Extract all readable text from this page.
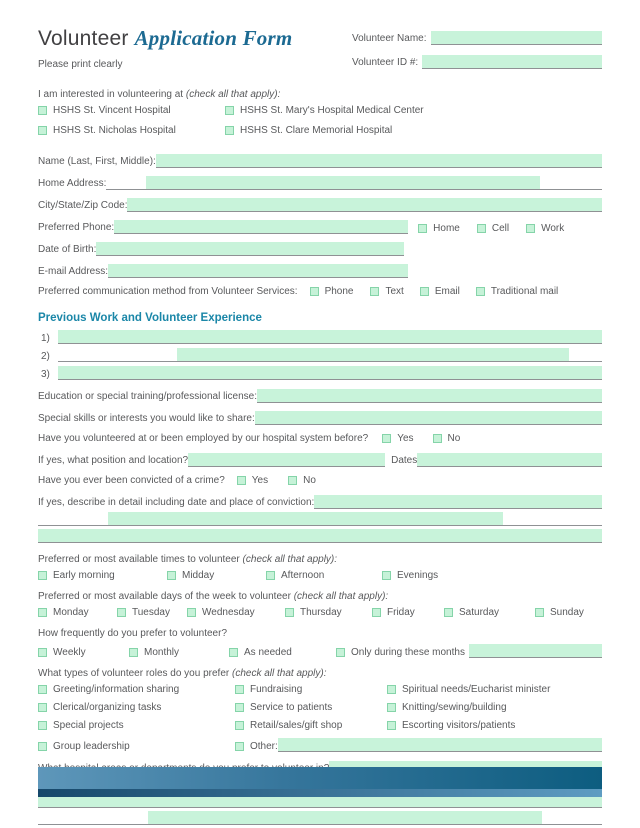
Volunteer Application Form
Please print clearly
Volunteer Name:
Volunteer ID #:
I am interested in volunteering at (check all that apply):
HSHS St. Vincent Hospital	HSHS St. Mary's Hospital Medical Center
HSHS St. Nicholas Hospital	HSHS St. Clare Memorial Hospital
Name (Last, First, Middle):
Home Address:
City/State/Zip Code:
Preferred Phone:	Home	Cell	Work
Date of Birth:
E-mail Address:
Preferred communication method from Volunteer Services:	Phone	Text	Email	Traditional mail
Previous Work and Volunteer Experience
1)
2)
3)
Education or special training/professional license:
Special skills or interests you would like to share:
Have you volunteered at or been employed by our hospital system before?	Yes	No
If yes, what position and location?	Dates
Have you ever been convicted of a crime?	Yes	No
If yes, describe in detail including date and place of conviction:
Preferred or most available times to volunteer (check all that apply):
Early morning	Midday	Afternoon	Evenings
Preferred or most available days of the week to volunteer (check all that apply):
Monday	Tuesday	Wednesday	Thursday	Friday	Saturday	Sunday
How frequently do you prefer to volunteer?
Weekly	Monthly	As needed	Only during these months
What types of volunteer roles do you prefer (check all that apply):
Greeting/information sharing	Fundraising	Spiritual needs/Eucharist minister
Clerical/organizing tasks	Service to patients	Knitting/sewing/building
Special projects	Retail/sales/gift shop	Escorting visitors/patients
Group leadership	Other:
